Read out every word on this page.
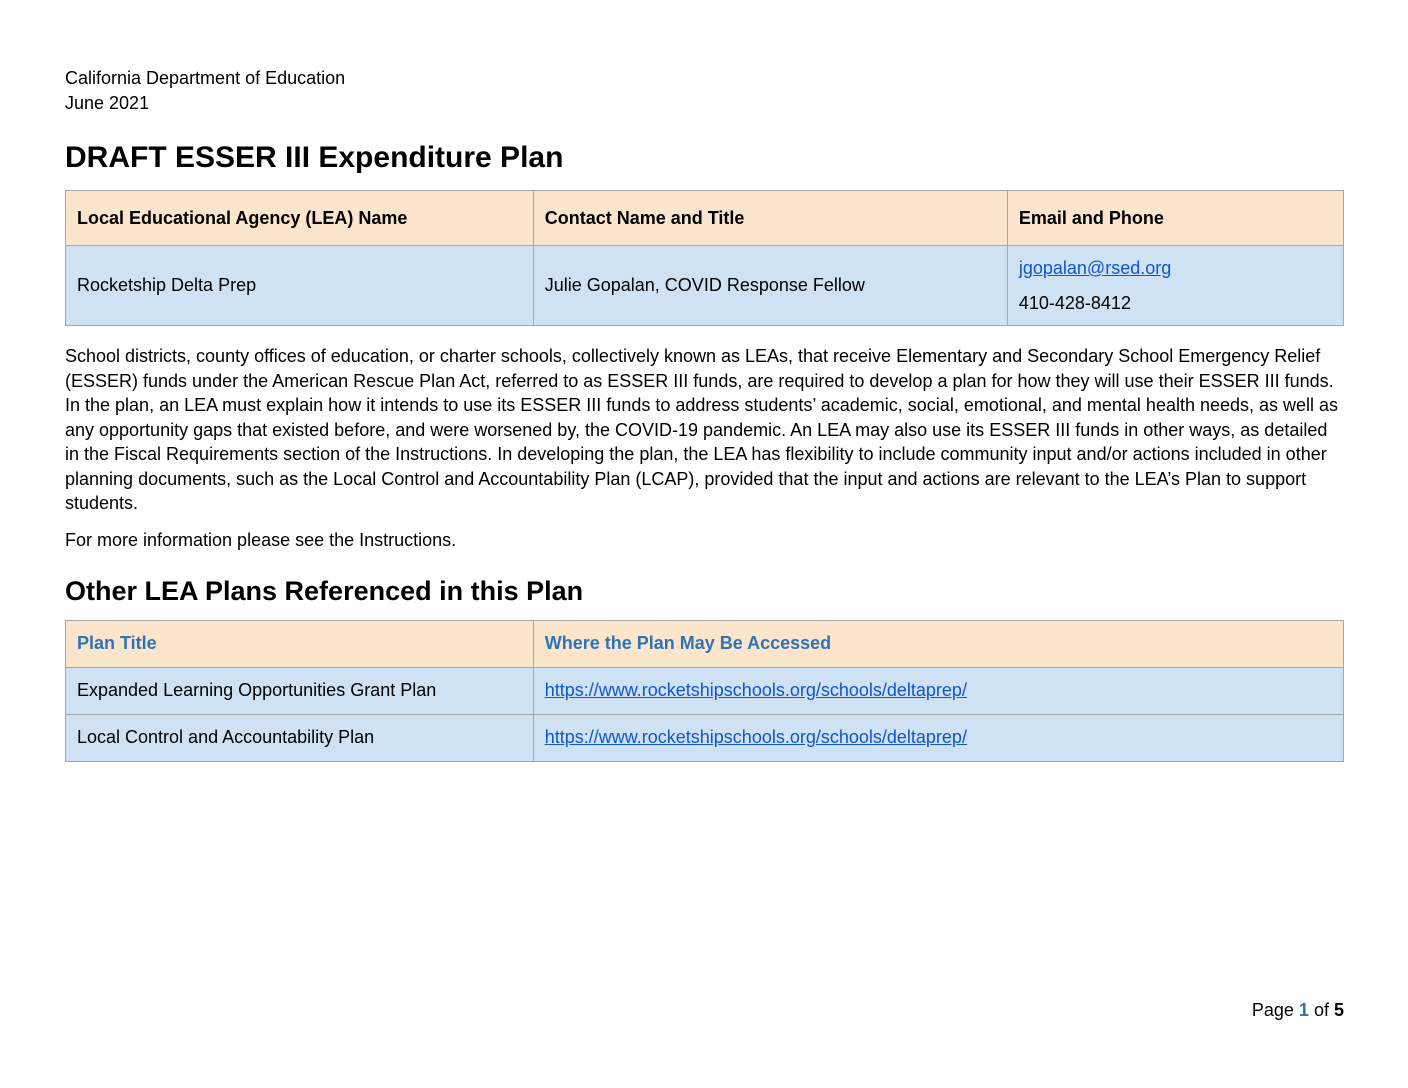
California Department of Education
June 2021
DRAFT ESSER III Expenditure Plan
Local Educational Agency (LEA) Name	Contact Name and Title	Email and Phone
Rocketship Delta Prep	Julie Gopalan, COVID Response Fellow	jgopalan@rsed.org
410-428-8412

School districts, county offices of education, or charter schools, collectively known as LEAs, that receive Elementary and Secondary School Emergency Relief (ESSER) funds under the American Rescue Plan Act, referred to as ESSER III funds, are required to develop a plan for how they will use their ESSER III funds. In the plan, an LEA must explain how it intends to use its ESSER III funds to address students’ academic, social, emotional, and mental health needs, as well as any opportunity gaps that existed before, and were worsened by, the COVID-19 pandemic. An LEA may also use its ESSER III funds in other ways, as detailed in the Fiscal Requirements section of the Instructions. In developing the plan, the LEA has flexibility to include community input and/or actions included in other planning documents, such as the Local Control and Accountability Plan (LCAP), provided that the input and actions are relevant to the LEA’s Plan to support students.

For more information please see the Instructions.

Other LEA Plans Referenced in this Plan
Plan Title	Where the Plan May Be Accessed
Expanded Learning Opportunities Grant Plan	https://www.rocketshipschools.org/schools/deltaprep/
Local Control and Accountability Plan	https://www.rocketshipschools.org/schools/deltaprep/
Page 1 of 5
